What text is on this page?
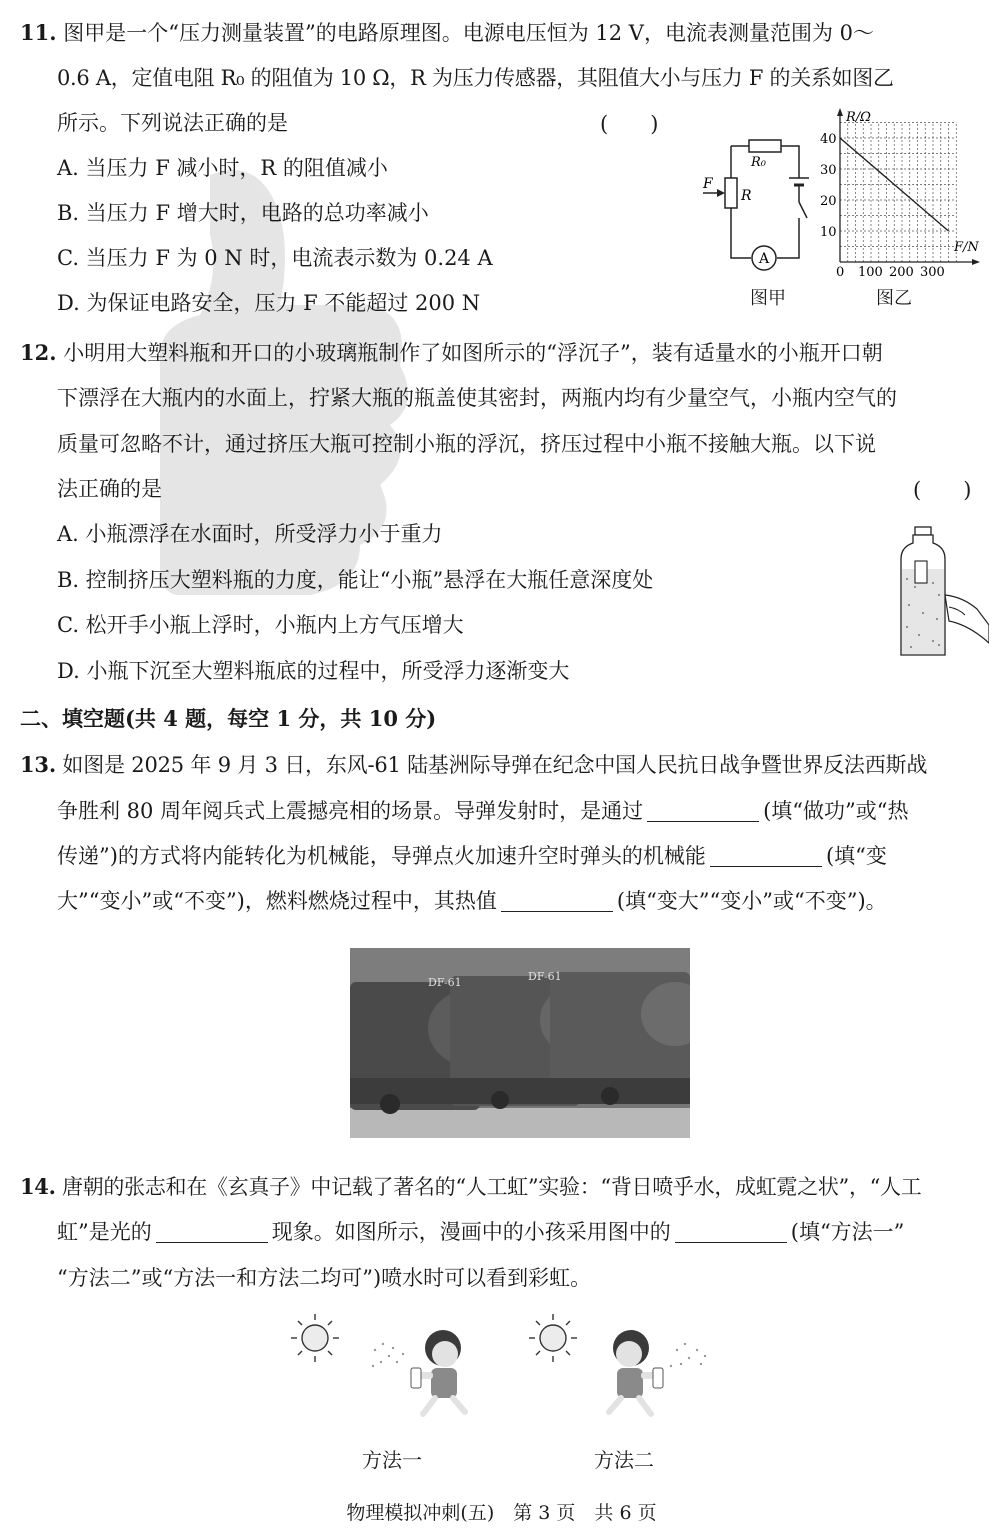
11. 图甲是一个“压力测量装置”的电路原理图。电源电压恒为 12 V，电流表测量范围为 0～
0.6 A，定值电阻 R₀ 的阻值为 10 Ω，R 为压力传感器，其阻值大小与压力 F 的关系如图乙
所示。下列说法正确的是	(　　)
A. 当压力 F 减小时，R 的阻值减小
B. 当压力 F 增大时，电路的总功率减小
C. 当压力 F 为 0 N 时，电流表示数为 0.24 A
D. 为保证电路安全，压力 F 不能超过 200 N
R₀
R
F
A
图甲
40
30
20
10
0 100 200 300
R/Ω
F/N
图乙
12. 小明用大塑料瓶和开口的小玻璃瓶制作了如图所示的“浮沉子”，装有适量水的小瓶开口朝
下漂浮在大瓶内的水面上，拧紧大瓶的瓶盖使其密封，两瓶内均有少量空气，小瓶内空气的
质量可忽略不计，通过挤压大瓶可控制小瓶的浮沉，挤压过程中小瓶不接触大瓶。以下说
法正确的是	(　　)
A. 小瓶漂浮在水面时，所受浮力小于重力
B. 控制挤压大塑料瓶的力度，能让“小瓶”悬浮在大瓶任意深度处
C. 松开手小瓶上浮时，小瓶内上方气压增大
D. 小瓶下沉至大塑料瓶底的过程中，所受浮力逐渐变大
二、填空题(共 4 题，每空 1 分，共 10 分)
13. 如图是 2025 年 9 月 3 日，东风-61 陆基洲际导弹在纪念中国人民抗日战争暨世界反法西斯战
争胜利 80 周年阅兵式上震撼亮相的场景。导弹发射时，是通过	(填“做功”或“热
传递”)的方式将内能转化为机械能，导弹点火加速升空时弹头的机械能	(填“变
大”“变小”或“不变”)，燃料燃烧过程中，其热值	(填“变大”“变小”或“不变”)。
DF-61	DF-61
14. 唐朝的张志和在《玄真子》中记载了著名的“人工虹”实验：“背日喷乎水，成虹霓之状”，“人工
虹”是光的	现象。如图所示，漫画中的小孩采用图中的	(填“方法一”
“方法二”或“方法一和方法二均可”)喷水时可以看到彩虹。
方法一	方法二
物理模拟冲刺(五)　第 3 页　共 6 页
